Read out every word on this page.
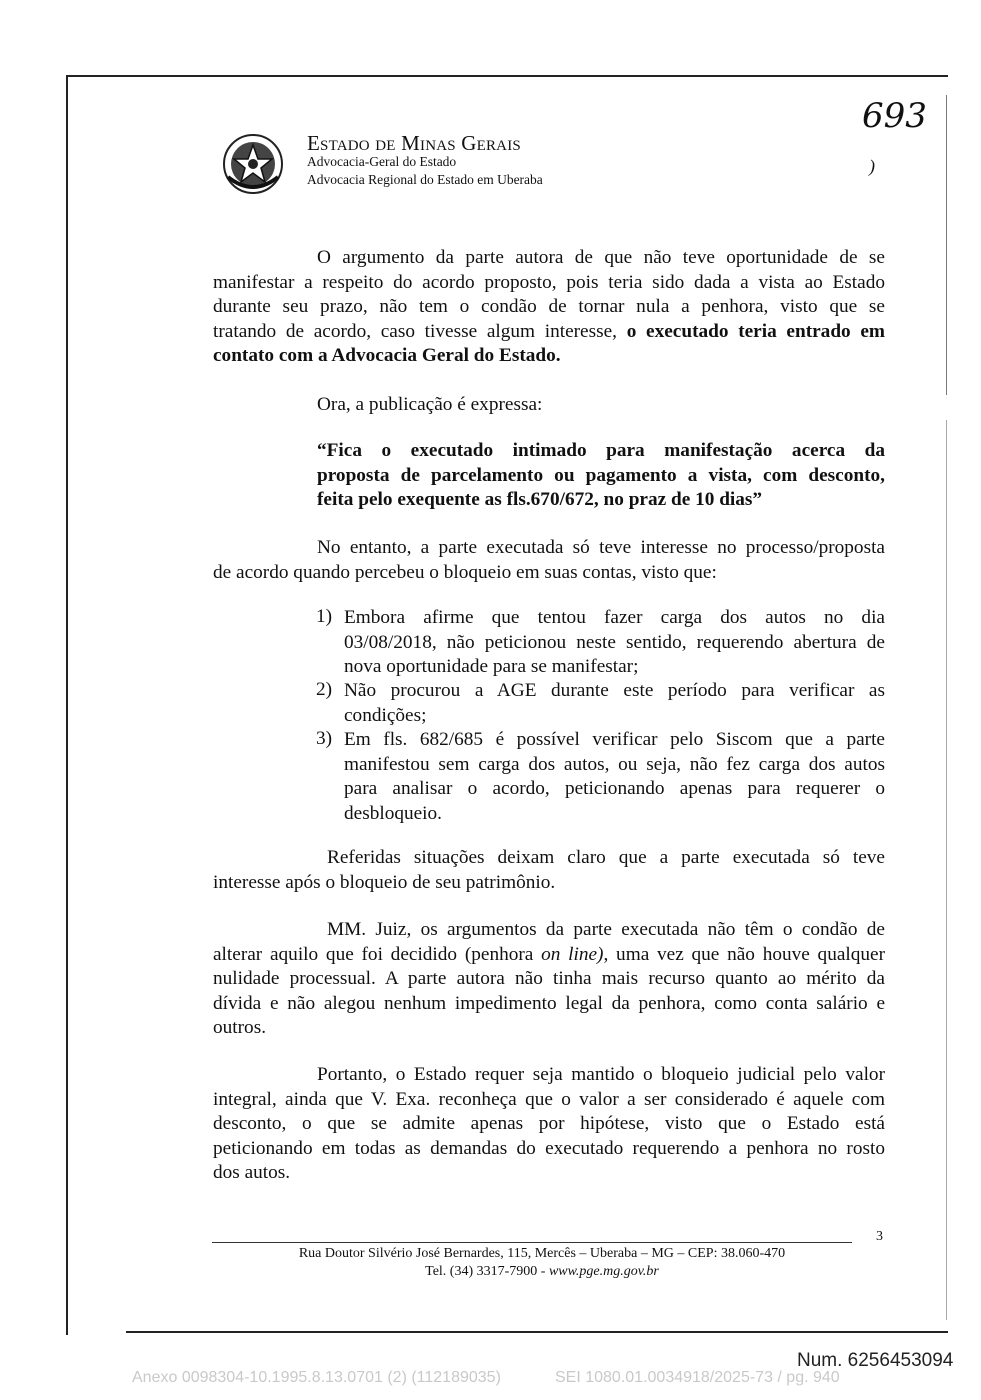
Estado de Minas Gerais
Advocacia-Geral do Estado
Advocacia Regional do Estado em Uberaba
693
)
O argumento da parte autora de que não teve oportunidade de se
manifestar a respeito do acordo proposto, pois teria sido dada a vista ao Estado
durante seu prazo, não tem o condão de tornar nula a penhora, visto que se
tratando de acordo, caso tivesse algum interesse, o executado teria entrado em
contato com a Advocacia Geral do Estado.
Ora, a publicação é expressa:
“Fica o executado intimado para manifestação acerca da
proposta de parcelamento ou pagamento a vista, com desconto,
feita pelo exequente as fls.670/672, no praz de 10 dias”
No entanto, a parte executada só teve interesse no processo/proposta
de acordo quando percebeu o bloqueio em suas contas, visto que:
1) Embora afirme que tentou fazer carga dos autos no dia
03/08/2018, não peticionou neste sentido, requerendo abertura de
nova oportunidade para se manifestar;
2) Não procurou a AGE durante este período para verificar as
condições;
3) Em fls. 682/685 é possível verificar pelo Siscom que a parte
manifestou sem carga dos autos, ou seja, não fez carga dos autos
para analisar o acordo, peticionando apenas para requerer o
desbloqueio.
Referidas situações deixam claro que a parte executada só teve
interesse após o bloqueio de seu patrimônio.
MM. Juiz, os argumentos da parte executada não têm o condão de
alterar aquilo que foi decidido (penhora on line), uma vez que não houve qualquer
nulidade processual. A parte autora não tinha mais recurso quanto ao mérito da
dívida e não alegou nenhum impedimento legal da penhora, como conta salário e
outros.
Portanto, o Estado requer seja mantido o bloqueio judicial pelo valor
integral, ainda que V. Exa. reconheça que o valor a ser considerado é aquele com
desconto, o que se admite apenas por hipótese, visto que o Estado está
peticionando em todas as demandas do executado requerendo a penhora no rosto
dos autos.
3
Rua Doutor Silvério José Bernardes, 115, Mercês – Uberaba – MG – CEP: 38.060-470
Tel. (34) 3317-7900 - www.pge.mg.gov.br
Num. 6256453094
Anexo 0098304-10.1995.8.13.0701 (2) (112189035)	SEI 1080.01.0034918/2025-73 / pg. 940
